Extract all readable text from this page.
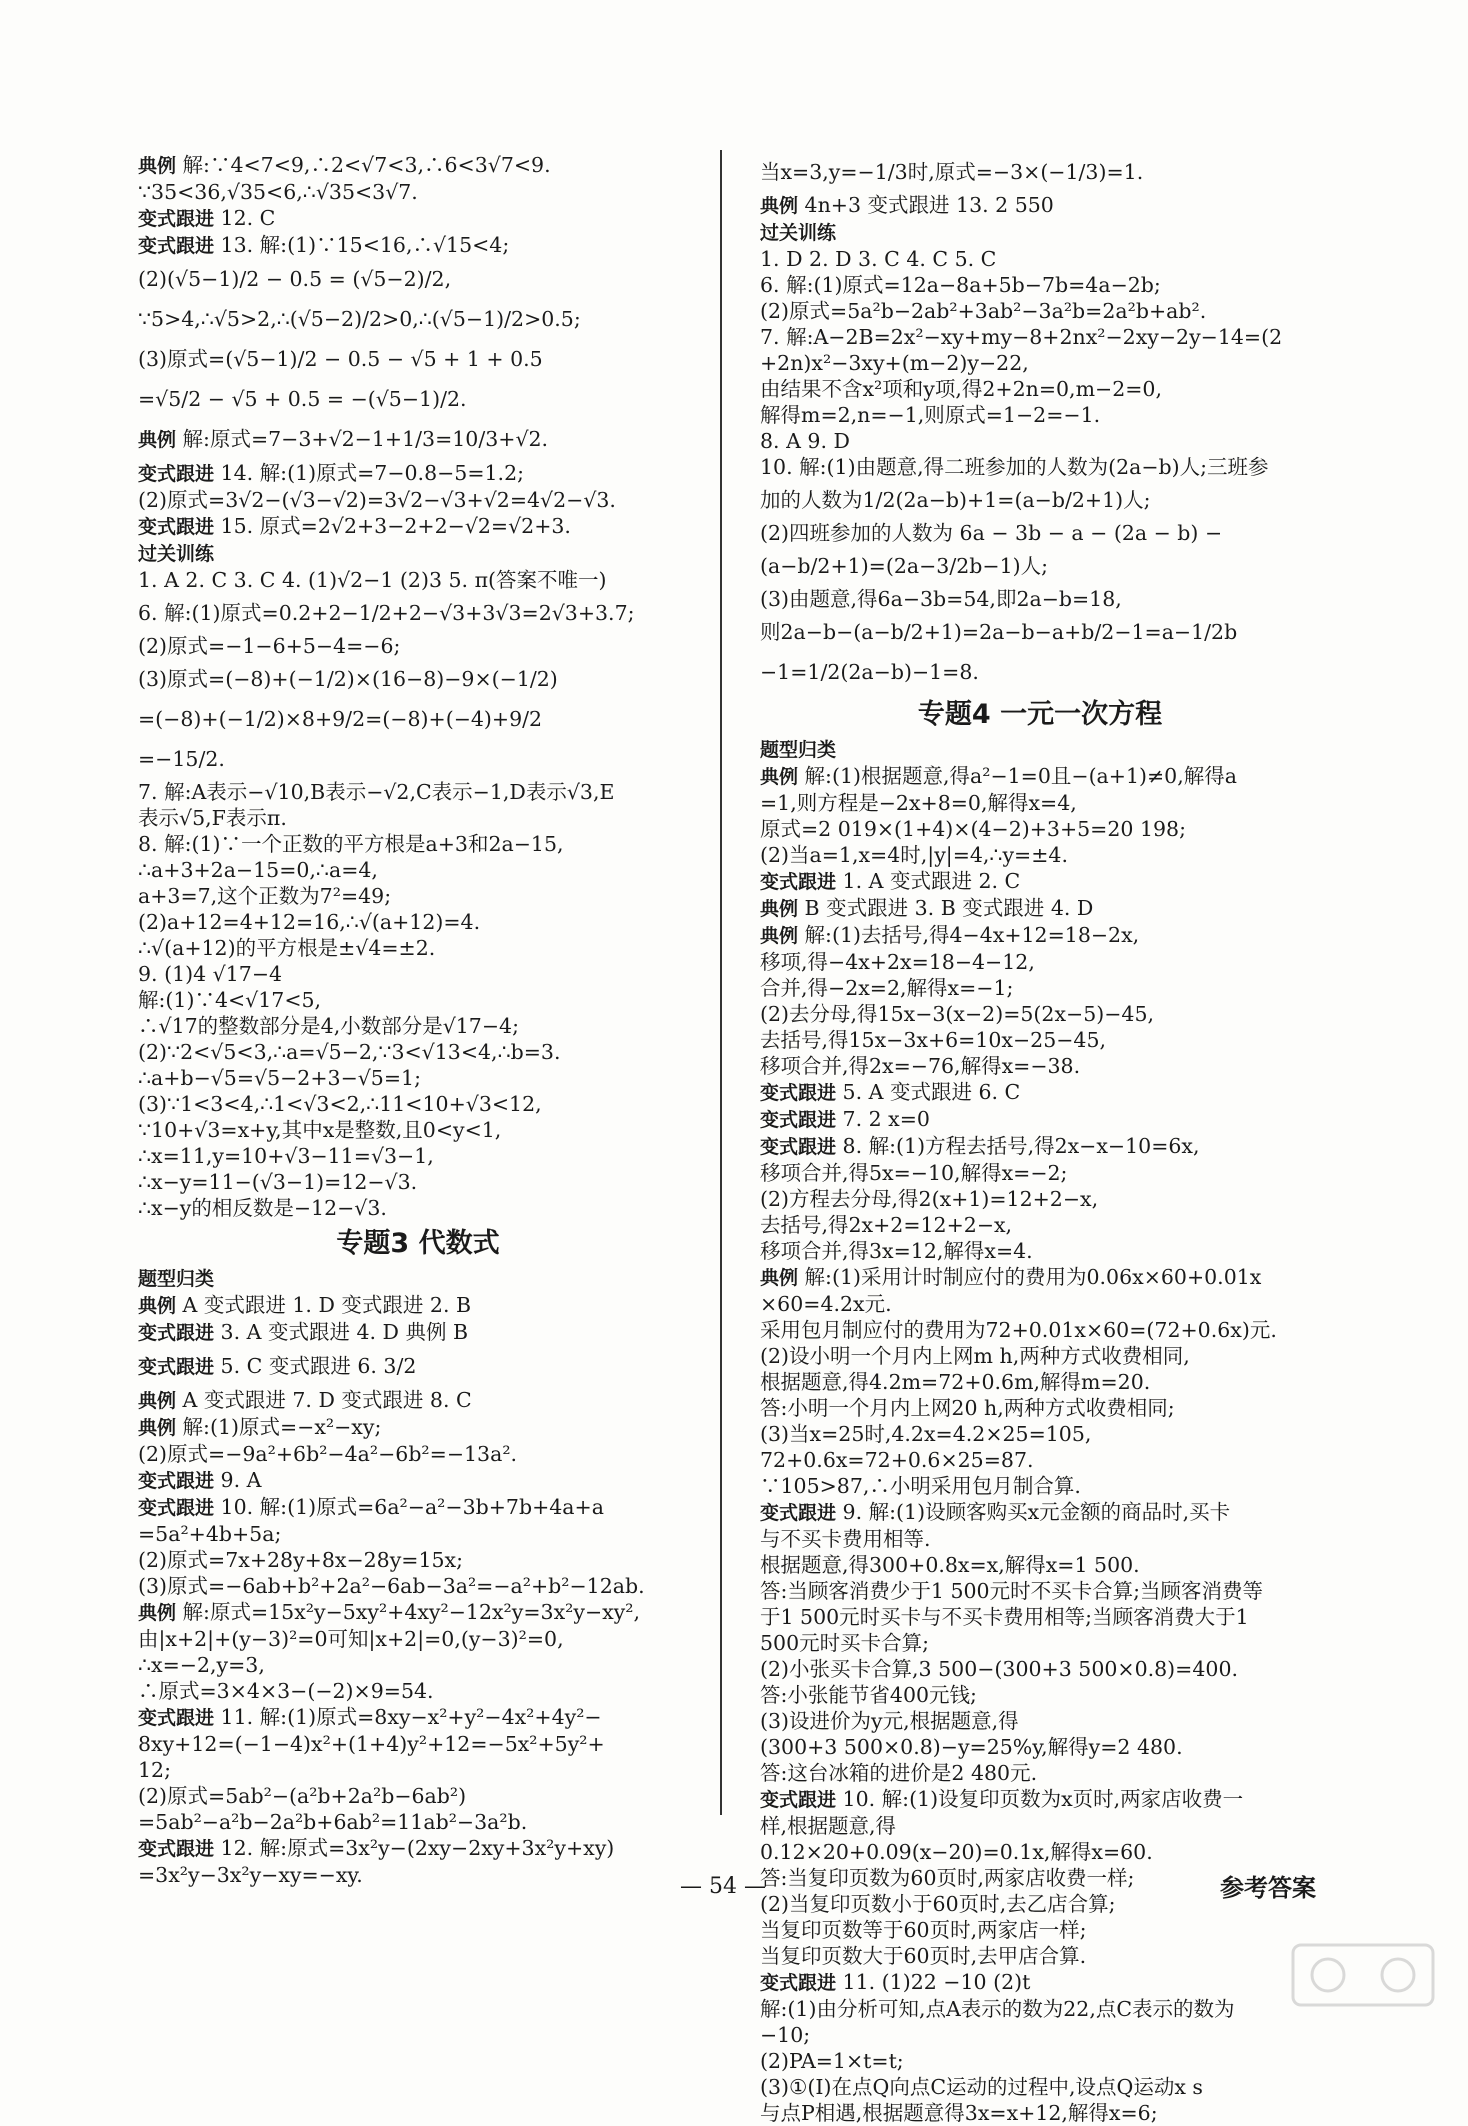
典例 解:∵4<7<9,∴2<√7<3,∴6<3√7<9.
∵35<36,√35<6,∴√35<3√7.
变式跟进 12. C
变式跟进 13. 解:(1)∵15<16,∴√15<4;
(2)(√5−1)/2 − 0.5 = (√5−2)/2,
∵5>4,∴√5>2,∴(√5−2)/2>0,∴(√5−1)/2>0.5;
(3)原式=(√5−1)/2 − 0.5 − √5 + 1 + 0.5
=√5/2 − √5 + 0.5 = −(√5−1)/2.
典例 解:原式=7−3+√2−1+1/3=10/3+√2.
变式跟进 14. 解:(1)原式=7−0.8−5=1.2;
(2)原式=3√2−(√3−√2)=3√2−√3+√2=4√2−√3.
变式跟进 15. 原式=2√2+3−2+2−√2=√2+3.
过关训练
1. A 2. C 3. C 4. (1)√2−1 (2)3 5. π(答案不唯一)
6. 解:(1)原式=0.2+2−1/2+2−√3+3√3=2√3+3.7;
(2)原式=−1−6+5−4=−6;
(3)原式=(−8)+(−1/2)×(16−8)−9×(−1/2)
=(−8)+(−1/2)×8+9/2=(−8)+(−4)+9/2
=−15/2.
7. 解:A表示−√10,B表示−√2,C表示−1,D表示√3,E
表示√5,F表示π.
8. 解:(1)∵一个正数的平方根是a+3和2a−15,
∴a+3+2a−15=0,∴a=4,
a+3=7,这个正数为7²=49;
(2)a+12=4+12=16,∴√(a+12)=4.
∴√(a+12)的平方根是±√4=±2.
9. (1)4 √17−4
解:(1)∵4<√17<5,
∴√17的整数部分是4,小数部分是√17−4;
(2)∵2<√5<3,∴a=√5−2,∵3<√13<4,∴b=3.
∴a+b−√5=√5−2+3−√5=1;
(3)∵1<3<4,∴1<√3<2,∴11<10+√3<12,
∵10+√3=x+y,其中x是整数,且0<y<1,
∴x=11,y=10+√3−11=√3−1,
∴x−y=11−(√3−1)=12−√3.
∴x−y的相反数是−12−√3.
专题3 代数式
题型归类
典例 A 变式跟进 1. D 变式跟进 2. B
变式跟进 3. A 变式跟进 4. D 典例 B
变式跟进 5. C 变式跟进 6. 3/2
典例 A 变式跟进 7. D 变式跟进 8. C
典例 解:(1)原式=−x²−xy;
(2)原式=−9a²+6b²−4a²−6b²=−13a².
变式跟进 9. A
变式跟进 10. 解:(1)原式=6a²−a²−3b+7b+4a+a
=5a²+4b+5a;
(2)原式=7x+28y+8x−28y=15x;
(3)原式=−6ab+b²+2a²−6ab−3a²=−a²+b²−12ab.
典例 解:原式=15x²y−5xy²+4xy²−12x²y=3x²y−xy²,
由|x+2|+(y−3)²=0可知|x+2|=0,(y−3)²=0,
∴x=−2,y=3,
∴原式=3×4×3−(−2)×9=54.
变式跟进 11. 解:(1)原式=8xy−x²+y²−4x²+4y²−
8xy+12=(−1−4)x²+(1+4)y²+12=−5x²+5y²+
12;
(2)原式=5ab²−(a²b+2a²b−6ab²)
=5ab²−a²b−2a²b+6ab²=11ab²−3a²b.
变式跟进 12. 解:原式=3x²y−(2xy−2xy+3x²y+xy)
=3x²y−3x²y−xy=−xy.
当x=3,y=−1/3时,原式=−3×(−1/3)=1.
典例 4n+3 变式跟进 13. 2 550
过关训练
1. D 2. D 3. C 4. C 5. C
6. 解:(1)原式=12a−8a+5b−7b=4a−2b;
(2)原式=5a²b−2ab²+3ab²−3a²b=2a²b+ab².
7. 解:A−2B=2x²−xy+my−8+2nx²−2xy−2y−14=(2
+2n)x²−3xy+(m−2)y−22,
由结果不含x²项和y项,得2+2n=0,m−2=0,
解得m=2,n=−1,则原式=1−2=−1.
8. A 9. D
10. 解:(1)由题意,得二班参加的人数为(2a−b)人;三班参
加的人数为1/2(2a−b)+1=(a−b/2+1)人;
(2)四班参加的人数为 6a − 3b − a − (2a − b) −
(a−b/2+1)=(2a−3/2b−1)人;
(3)由题意,得6a−3b=54,即2a−b=18,
则2a−b−(a−b/2+1)=2a−b−a+b/2−1=a−1/2b
−1=1/2(2a−b)−1=8.
专题4 一元一次方程
题型归类
典例 解:(1)根据题意,得a²−1=0且−(a+1)≠0,解得a
=1,则方程是−2x+8=0,解得x=4,
原式=2 019×(1+4)×(4−2)+3+5=20 198;
(2)当a=1,x=4时,|y|=4,∴y=±4.
变式跟进 1. A 变式跟进 2. C
典例 B 变式跟进 3. B 变式跟进 4. D
典例 解:(1)去括号,得4−4x+12=18−2x,
移项,得−4x+2x=18−4−12,
合并,得−2x=2,解得x=−1;
(2)去分母,得15x−3(x−2)=5(2x−5)−45,
去括号,得15x−3x+6=10x−25−45,
移项合并,得2x=−76,解得x=−38.
变式跟进 5. A 变式跟进 6. C
变式跟进 7. 2 x=0
变式跟进 8. 解:(1)方程去括号,得2x−x−10=6x,
移项合并,得5x=−10,解得x=−2;
(2)方程去分母,得2(x+1)=12+2−x,
去括号,得2x+2=12+2−x,
移项合并,得3x=12,解得x=4.
典例 解:(1)采用计时制应付的费用为0.06x×60+0.01x
×60=4.2x元.
采用包月制应付的费用为72+0.01x×60=(72+0.6x)元.
(2)设小明一个月内上网m h,两种方式收费相同,
根据题意,得4.2m=72+0.6m,解得m=20.
答:小明一个月内上网20 h,两种方式收费相同;
(3)当x=25时,4.2x=4.2×25=105,
72+0.6x=72+0.6×25=87.
∵105>87,∴小明采用包月制合算.
变式跟进 9. 解:(1)设顾客购买x元金额的商品时,买卡
与不买卡费用相等.
根据题意,得300+0.8x=x,解得x=1 500.
答:当顾客消费少于1 500元时不买卡合算;当顾客消费等
于1 500元时买卡与不买卡费用相等;当顾客消费大于1
500元时买卡合算;
(2)小张买卡合算,3 500−(300+3 500×0.8)=400.
答:小张能节省400元钱;
(3)设进价为y元,根据题意,得
(300+3 500×0.8)−y=25%y,解得y=2 480.
答:这台冰箱的进价是2 480元.
变式跟进 10. 解:(1)设复印页数为x页时,两家店收费一
样,根据题意,得
0.12×20+0.09(x−20)=0.1x,解得x=60.
答:当复印页数为60页时,两家店收费一样;
(2)当复印页数小于60页时,去乙店合算;
当复印页数等于60页时,两家店一样;
当复印页数大于60页时,去甲店合算.
变式跟进 11. (1)22 −10 (2)t
解:(1)由分析可知,点A表示的数为22,点C表示的数为
−10;
(2)PA=1×t=t;
(3)①(Ⅰ)在点Q向点C运动的过程中,设点Q运动x s
与点P相遇,根据题意得3x=x+12,解得x=6;
— 54 —	参考答案
